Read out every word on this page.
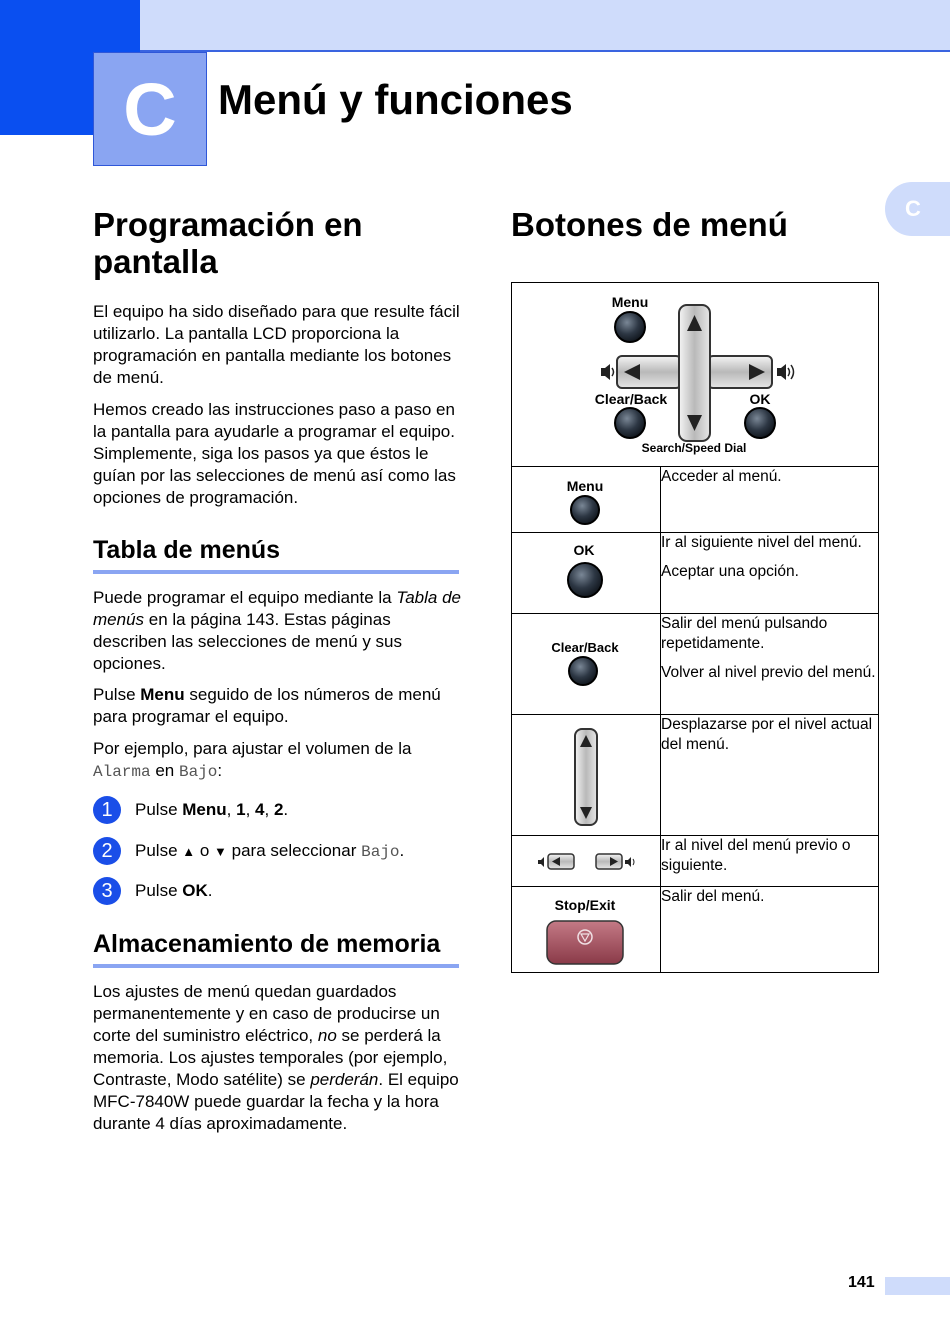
C Menú y funciones
C
Programación en pantalla

El equipo ha sido diseñado para que resulte fácil utilizarlo. La pantalla LCD proporciona la programación en pantalla mediante los botones de menú.

Hemos creado las instrucciones paso a paso en la pantalla para ayudarle a programar el equipo. Simplemente, siga los pasos ya que éstos le guían por las selecciones de menú así como las opciones de programación.

Tabla de menús

Puede programar el equipo mediante la Tabla de menús en la página 143. Estas páginas describen las selecciones de menú y sus opciones.

Pulse Menu seguido de los números de menú para programar el equipo.

Por ejemplo, para ajustar el volumen de la Alarma en Bajo:

1	Pulse Menu, 1, 4, 2.
2	Pulse ▲ o ▼ para seleccionar Bajo.
3	Pulse OK.
Almacenamiento de memoria

Los ajustes de menú quedan guardados permanentemente y en caso de producirse un corte del suministro eléctrico, no se perderá la memoria. Los ajustes temporales (por ejemplo, Contraste, Modo satélite) se perderán. El equipo MFC-7840W puede guardar la fecha y la hora durante 4 días aproximadamente.

Botones de menú
Menu
Clear/Back OK
Search/Speed Dial	

Menu	Acceder al menú.

OK	Ir al siguiente nivel del menú.

Aceptar una opción.

Clear/Back	Salir del menú pulsando repetidamente.

Volver al nivel previo del menú.

Desplazarse por el nivel actual del menú.

Ir al nivel del menú previo o siguiente.

Stop/Exit	Salir del menú.

141
